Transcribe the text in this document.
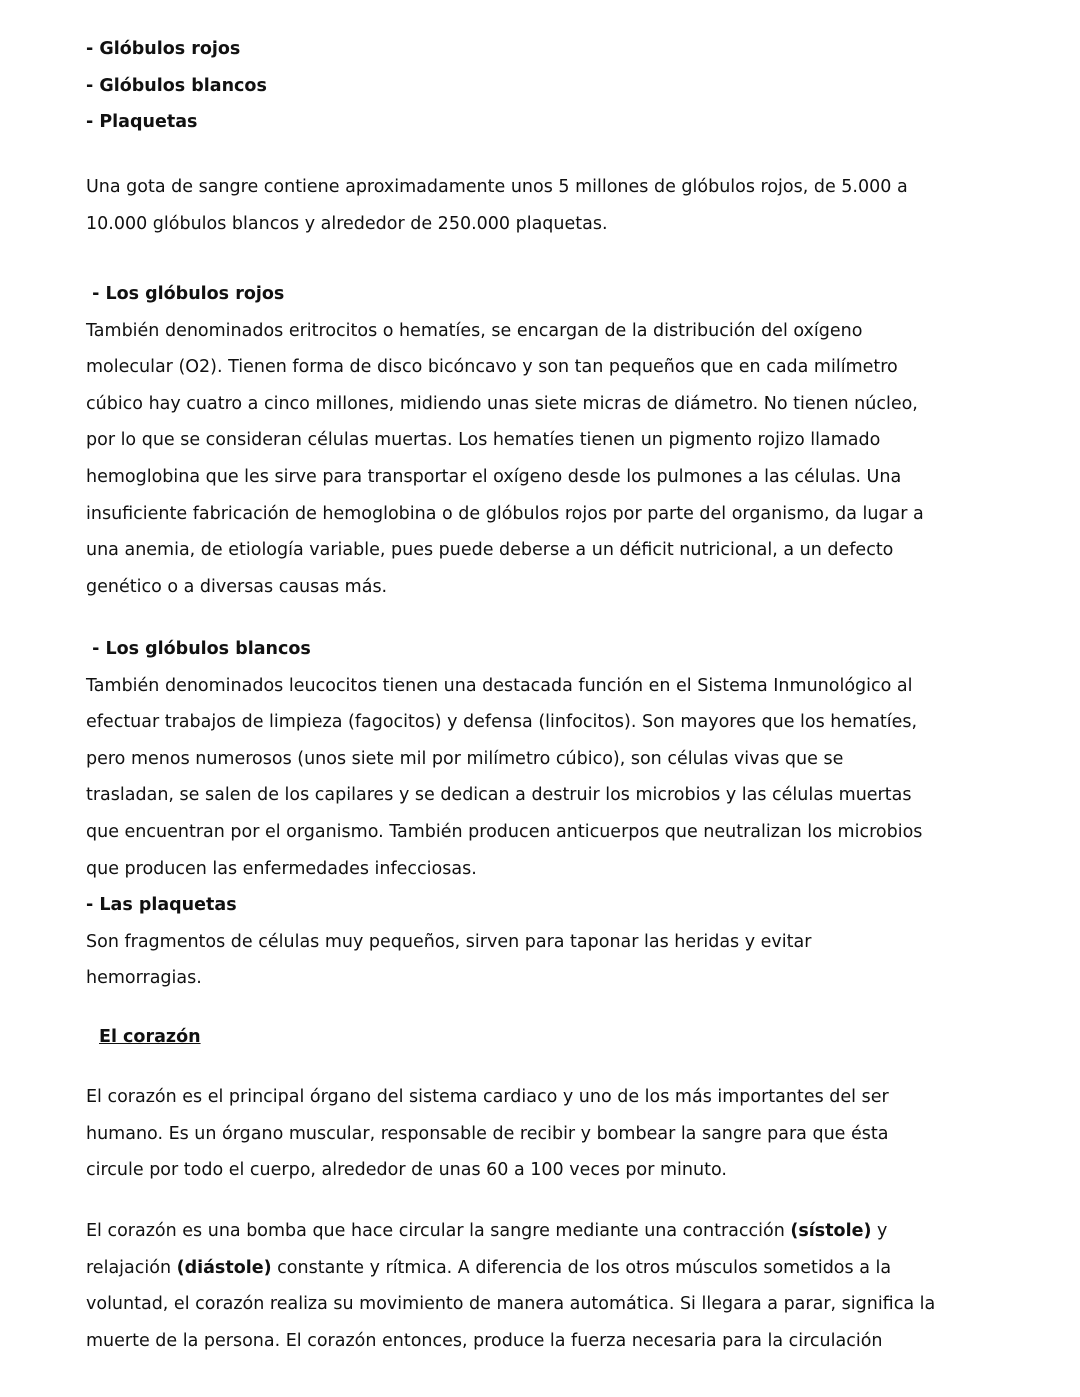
- Glóbulos rojos
- Glóbulos blancos
- Plaquetas
Una gota de sangre contiene aproximadamente unos 5 millones de glóbulos rojos, de 5.000 a
10.000 glóbulos blancos y alrededor de 250.000 plaquetas.
- Los glóbulos rojos
También denominados eritrocitos o hematíes, se encargan de la distribución del oxígeno
molecular (O2). Tienen forma de disco bicóncavo y son tan pequeños que en cada milímetro
cúbico hay cuatro a cinco millones, midiendo unas siete micras de diámetro. No tienen núcleo,
por lo que se consideran células muertas. Los hematíes tienen un pigmento rojizo llamado
hemoglobina que les sirve para transportar el oxígeno desde los pulmones a las células. Una
insuficiente fabricación de hemoglobina o de glóbulos rojos por parte del organismo, da lugar a
una anemia, de etiología variable, pues puede deberse a un déficit nutricional, a un defecto
genético o a diversas causas más.
- Los glóbulos blancos
También denominados leucocitos tienen una destacada función en el Sistema Inmunológico al
efectuar trabajos de limpieza (fagocitos) y defensa (linfocitos). Son mayores que los hematíes,
pero menos numerosos (unos siete mil por milímetro cúbico), son células vivas que se
trasladan, se salen de los capilares y se dedican a destruir los microbios y las células muertas
que encuentran por el organismo. También producen anticuerpos que neutralizan los microbios
que producen las enfermedades infecciosas.
- Las plaquetas
Son fragmentos de células muy pequeños, sirven para taponar las heridas y evitar
hemorragias.
El corazón
El corazón es el principal órgano del sistema cardiaco y uno de los más importantes del ser
humano. Es un órgano muscular, responsable de recibir y bombear la sangre para que ésta
circule por todo el cuerpo, alrededor de unas 60 a 100 veces por minuto.
El corazón es una bomba que hace circular la sangre mediante una contracción (sístole) y
relajación (diástole) constante y rítmica. A diferencia de los otros músculos sometidos a la
voluntad, el corazón realiza su movimiento de manera automática. Si llegara a parar, significa la
muerte de la persona. El corazón entonces, produce la fuerza necesaria para la circulación
